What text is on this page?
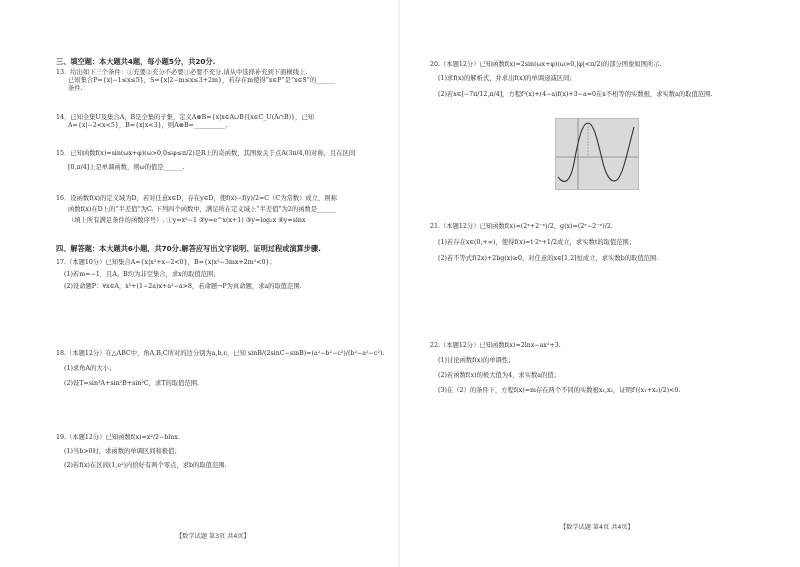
三、填空题：本大题共4题，每小题5分，共20分.
13．给出如下三个条件：①充要②充分不必要③必要不充分.请从中选择补充到下面横线上.
已知集合P={x|−1≤x≤5}，S={x|2−m≤x≤3+2m}，若存在m使得“x∈P”是“x∈S”的______
条件.
14．已知全集U及集合A，B是全集的子集，定义A⊗B={x|x∈A∪B且x∈C_U(A∩B)}，已知
A={x|−2<x<5}，B={x|x<3}，则A⊗B=__________.
15．已知函数f(x)=sin(ωx+φ)(ω>0,0≤φ≤π/2)是R上的奇函数，其图象关于点A(3π/4,0)对称，且在区间
[0,π/4]上是单调函数，则ω的值是______.
16．设函数f(x)的定义域为D，若对任意x∈D，存在y∈D，使f(x)−f(y)/2=C（C为常数）成立，则称
函数f(x)在D上的“半差值”为C. 下列四个函数中，满足所在定义域上“半差值”为2的函数是______
（填上所有满足条件的函数序号）. ①y=x³−1 ②y=e^x(x+1) ③y=log₂x ④y=sinx
四、解答题：本大题共6小题，共70分.解答应写出文字说明、证明过程或演算步骤.
17.（本题10分）已知集合A={x|x²+x−2<0}，B={x|x²−3mx+2m²<0}；
(1)若m=−1，且A，B均为非空集合，求x的取值范围；
(2)设命题P：∀x∈A，x²+(1−2a)x+a²−a>8，若命题¬P为真命题，求a的取值范围.
18.（本题12分）在△ABC中，角A,B,C所对的边分别为a,b,c，已知 sinB/(2sinC−sinB)=(a²−b²−c²)/(b²−a²−c²).
(1)求角A的大小；
(2)设T=sin²A+sin²B+sin²C，求T的取值范围.
19.（本题12分）已知函数f(x)=x²/2−blnx.
(1)当b>0时，求函数的单调区间和极值；
(2)若f(x)在区间(1,e²)内恰好有两个零点，求b的取值范围.
【数学试题 第3页 共4页】
20.（本题12分）已知函数f(x)=2sin(ωx+φ)(ω>0,|φ|<π/2)的部分图象如图所示.
(1)求f(x)的解析式，并求出f(x)的单调递减区间；
(2)若x∈[−7π/12,π/4]，方程f²(x)+(4−a)f(x)+3−a=0在x不相等的实数根，求实数a的取值范围.
21.（本题12分）已知函数f(x)=(2ˣ+2⁻ˣ)/2，g(x)=(2ˣ−2⁻ˣ)/2.
(1)若存在x∈(0,+∞)，使得f(x)=t·2ˣ+1/2成立，求实数t的取值范围；
(2)若不等式f(2x)+2bg(x)≥0，对任意的x∈[1,2]恒成立，求实数b的取值范围.
22.（本题12分）已知函数f(x)=2lnx−ax²+3.
(1)讨论函数f(x)的单调性；
(2)若函数f(x)的极大值为4，求实数a的值；
(3)在（2）的条件下，方程f(x)=m存在两个不同的实数根x₁,x₂，证明f′((x₁+x₂)/2)<0.
【数学试题 第4页 共4页】
